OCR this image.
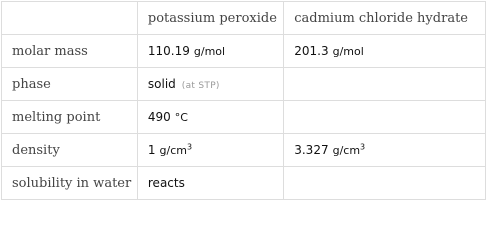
	potassium peroxide	cadmium chloride hydrate
molar mass	110.19 g/mol	201.3 g/mol
phase	solid (at STP)	
melting point	490 °C	
density	1 $g/cm^3$	3.327 $g/cm^3$
solubility in water	reacts	
